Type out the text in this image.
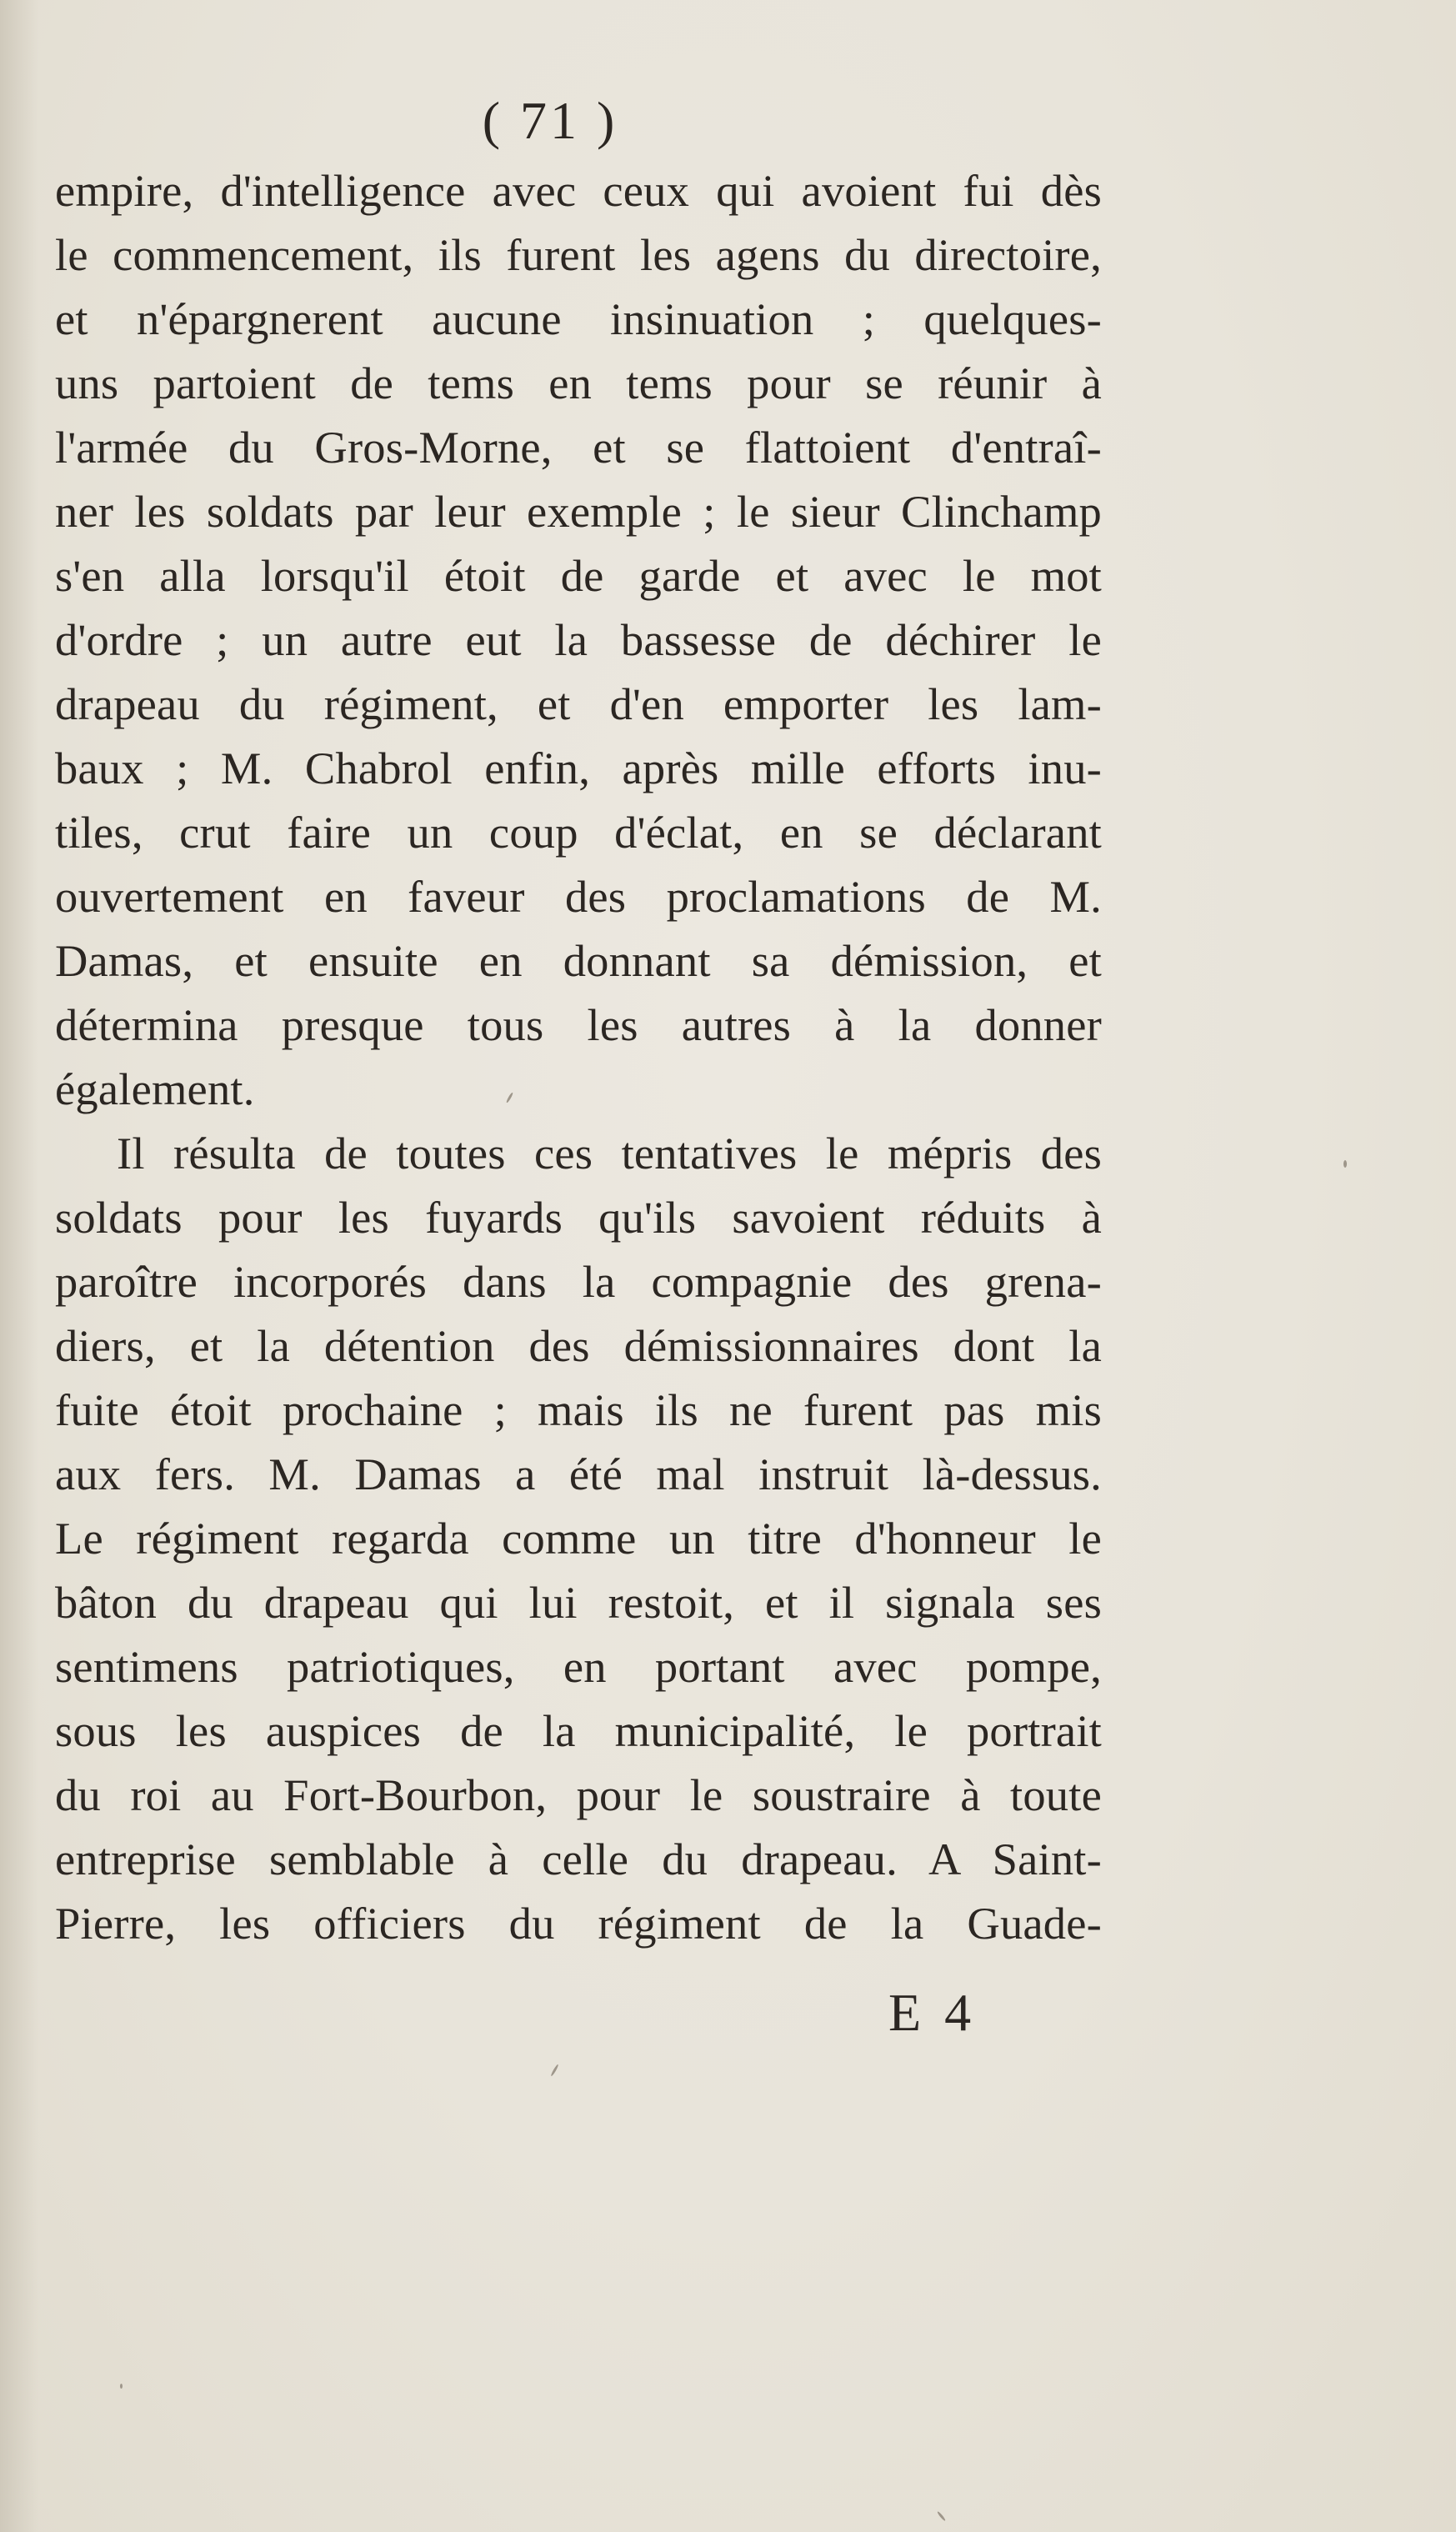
( 71 )
empire, d'intelligence avec ceux qui avoient fui dès
le commencement, ils furent les agens du directoire,
et n'épargnerent aucune insinuation ; quelques-
uns partoient de tems en tems pour se réunir à
l'armée du Gros-Morne, et se flattoient d'entraî-
ner les soldats par leur exemple ; le sieur Clinchamp
s'en alla lorsqu'il étoit de garde et avec le mot
d'ordre ; un autre eut la bassesse de déchirer le
drapeau du régiment, et d'en emporter les lam-
baux ; M. Chabrol enfin, après mille efforts inu-
tiles, crut faire un coup d'éclat, en se déclarant
ouvertement en faveur des proclamations de M.
Damas, et ensuite en donnant sa démission, et
détermina presque tous les autres à la donner
également.
Il résulta de toutes ces tentatives le mépris des
soldats pour les fuyards qu'ils savoient réduits à
paroître incorporés dans la compagnie des grena-
diers, et la détention des démissionnaires dont la
fuite étoit prochaine ; mais ils ne furent pas mis
aux fers. M. Damas a été mal instruit là-dessus.
Le régiment regarda comme un titre d'honneur le
bâton du drapeau qui lui restoit, et il signala ses
sentimens patriotiques, en portant avec pompe,
sous les auspices de la municipalité, le portrait
du roi au Fort-Bourbon, pour le soustraire à toute
entreprise semblable à celle du drapeau. A Saint-
Pierre, les officiers du régiment de la Guade-
E 4
